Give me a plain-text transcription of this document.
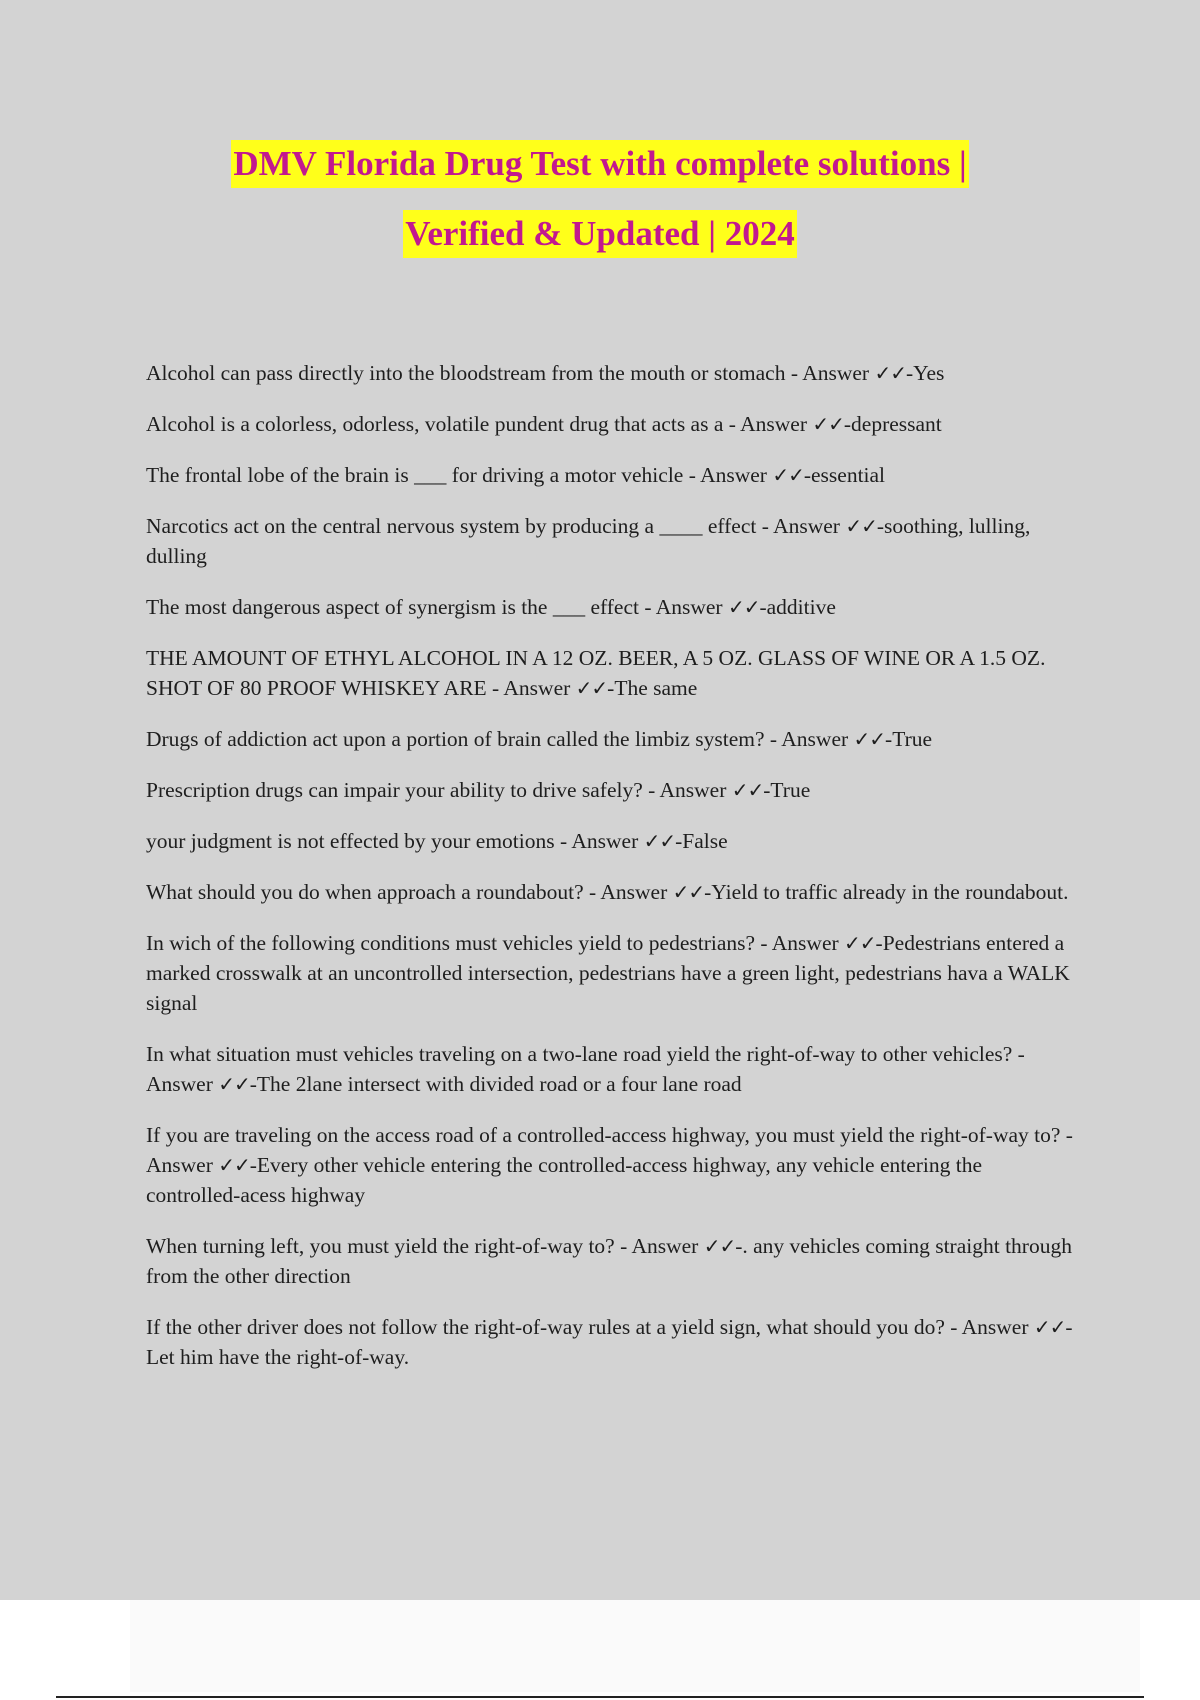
DMV Florida Drug Test with complete solutions |
Verified & Updated | 2024

Alcohol can pass directly into the bloodstream from the mouth or stomach - Answer ✓✓-Yes

Alcohol is a colorless, odorless, volatile pundent drug that acts as a - Answer ✓✓-depressant

The frontal lobe of the brain is ___ for driving a motor vehicle - Answer ✓✓-essential

Narcotics act on the central nervous system by producing a ____ effect - Answer ✓✓-soothing, lulling, dulling

The most dangerous aspect of synergism is the ___ effect - Answer ✓✓-additive

THE AMOUNT OF ETHYL ALCOHOL IN A 12 OZ. BEER, A 5 OZ. GLASS OF WINE OR A 1.5 OZ. SHOT OF 80 PROOF WHISKEY ARE - Answer ✓✓-The same

Drugs of addiction act upon a portion of brain called the limbiz system? - Answer ✓✓-True

Prescription drugs can impair your ability to drive safely? - Answer ✓✓-True

your judgment is not effected by your emotions - Answer ✓✓-False

What should you do when approach a roundabout? - Answer ✓✓-Yield to traffic already in the roundabout.

In wich of the following conditions must vehicles yield to pedestrians? - Answer ✓✓-Pedestrians entered a marked crosswalk at an uncontrolled intersection, pedestrians have a green light, pedestrians hava a WALK signal

In what situation must vehicles traveling on a two-lane road yield the right-of-way to other vehicles? - Answer ✓✓-The 2lane intersect with divided road or a four lane road

If you are traveling on the access road of a controlled-access highway, you must yield the right-of-way to? - Answer ✓✓-Every other vehicle entering the controlled-access highway, any vehicle entering the controlled-acess highway

When turning left, you must yield the right-of-way to? - Answer ✓✓-. any vehicles coming straight through from the other direction

If the other driver does not follow the right-of-way rules at a yield sign, what should you do? - Answer ✓✓-Let him have the right-of-way.
